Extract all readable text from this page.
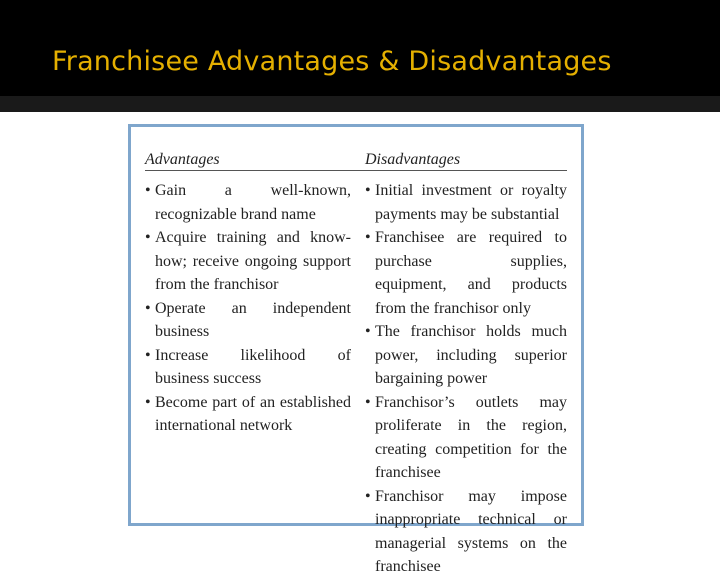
Franchisee Advantages & Disadvantages
Advantages
• Gain a well-known, recognizable brand name
• Acquire training and know-how; receive ongoing support from the franchisor
• Operate an independent business
• Increase likelihood of business success
• Become part of an established international network
Disadvantages
• Initial investment or royalty payments may be substantial
• Franchisee are required to purchase supplies, equipment, and products from the franchisor only
• The franchisor holds much power, including superior bargaining power
• Franchisor’s outlets may proliferate in the region, creating competition for the franchisee
• Franchisor may impose inappropriate technical or managerial systems on the franchisee
